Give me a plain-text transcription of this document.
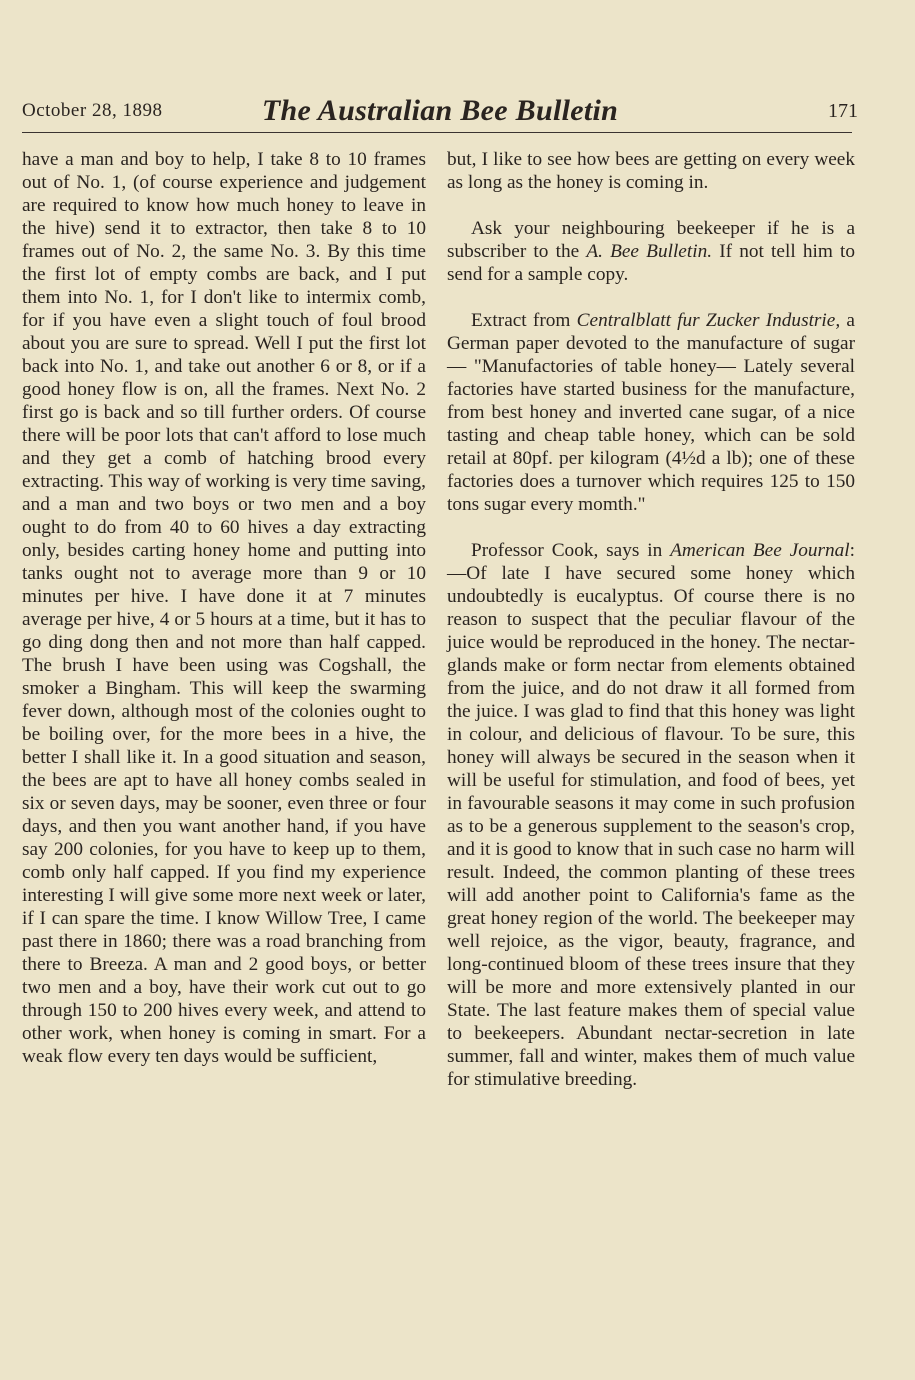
October 28, 1898	The Australian Bee Bulletin	171

have a man and boy to help, I take 8 to 10 frames out of No. 1, (of course experience and judgement are required to know how much honey to leave in the hive) send it to extractor, then take 8 to 10 frames out of No. 2, the same No. 3. By this time the first lot of empty combs are back, and I put them into No. 1, for I don't like to intermix comb, for if you have even a slight touch of foul brood about you are sure to spread. Well I put the first lot back into No. 1, and take out another 6 or 8, or if a good honey flow is on, all the frames. Next No. 2 first go is back and so till further orders. Of course there will be poor lots that can't afford to lose much and they get a comb of hatching brood every extracting. This way of working is very time saving, and a man and two boys or two men and a boy ought to do from 40 to 60 hives a day extracting only, besides carting honey home and putting into tanks ought not to average more than 9 or 10 minutes per hive. I have done it at 7 minutes average per hive, 4 or 5 hours at a time, but it has to go ding dong then and not more than half capped. The brush I have been using was Cogshall, the smoker a Bingham. This will keep the swarming fever down, although most of the colonies ought to be boiling over, for the more bees in a hive, the better I shall like it. In a good situation and season, the bees are apt to have all honey combs sealed in six or seven days, may be sooner, even three or four days, and then you want another hand, if you have say 200 colonies, for you have to keep up to them, comb only half capped. If you find my experience interesting I will give some more next week or later, if I can spare the time. I know Willow Tree, I came past there in 1860; there was a road branching from there to Breeza. A man and 2 good boys, or better two men and a boy, have their work cut out to go through 150 to 200 hives every week, and attend to other work, when honey is coming in smart. For a weak flow every ten days would be sufficient,

but, I like to see how bees are getting on every week as long as the honey is coming in.

Ask your neighbouring beekeeper if he is a subscriber to the A. Bee Bulletin. If not tell him to send for a sample copy.

Extract from Centralblatt fur Zucker Industrie, a German paper devoted to the manufacture of sugar— "Manufactories of table honey— Lately several factories have started business for the manufacture, from best honey and inverted cane sugar, of a nice tasting and cheap table honey, which can be sold retail at 80pf. per kilogram (4½d a lb); one of these factories does a turnover which requires 125 to 150 tons sugar every momth."

Professor Cook, says in American Bee Journal:—Of late I have secured some honey which undoubtedly is eucalyptus. Of course there is no reason to suspect that the peculiar flavour of the juice would be reproduced in the honey. The nectar-glands make or form nectar from elements obtained from the juice, and do not draw it all formed from the juice. I was glad to find that this honey was light in colour, and delicious of flavour. To be sure, this honey will always be secured in the season when it will be useful for stimulation, and food of bees, yet in favourable seasons it may come in such profusion as to be a generous supplement to the season's crop, and it is good to know that in such case no harm will result. Indeed, the common planting of these trees will add another point to California's fame as the great honey region of the world. The beekeeper may well rejoice, as the vigor, beauty, fragrance, and long-continued bloom of these trees insure that they will be more and more extensively planted in our State. The last feature makes them of special value to beekeepers. Abundant nectar-secretion in late summer, fall and winter, makes them of much value for stimulative breeding.
